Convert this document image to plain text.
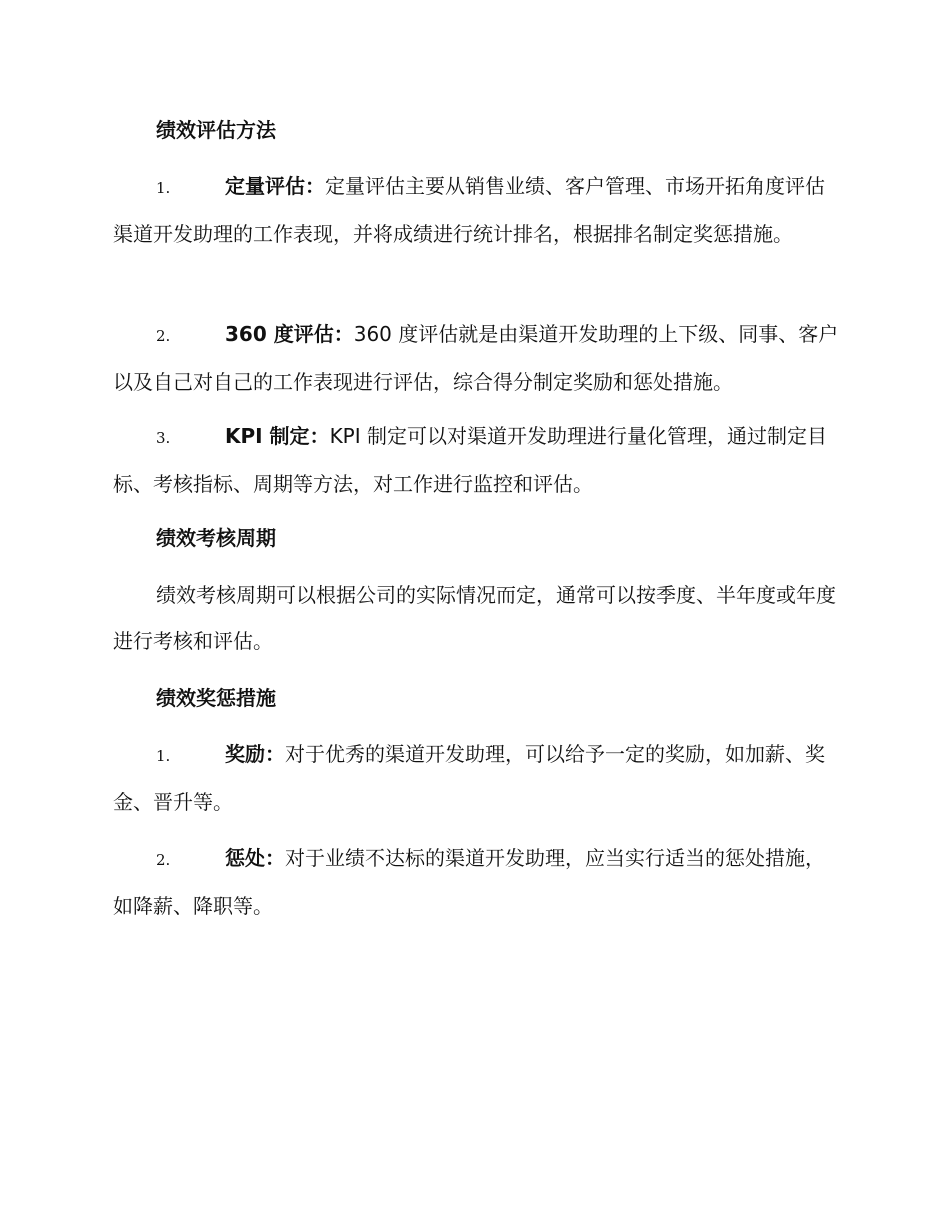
绩效评估方法
1.	定量评估：定量评估主要从销售业绩、客户管理、市场开拓角度评估渠道开发助理的工作表现，并将成绩进行统计排名，根据排名制定奖惩措施。
2.	360 度评估：360 度评估就是由渠道开发助理的上下级、同事、客户以及自己对自己的工作表现进行评估，综合得分制定奖励和惩处措施。
3.	KPI 制定：KPI 制定可以对渠道开发助理进行量化管理，通过制定目标、考核指标、周期等方法，对工作进行监控和评估。
绩效考核周期
绩效考核周期可以根据公司的实际情况而定，通常可以按季度、半年度或年度进行考核和评估。
绩效奖惩措施
1.	奖励：对于优秀的渠道开发助理，可以给予一定的奖励，如加薪、奖金、晋升等。
2.	惩处：对于业绩不达标的渠道开发助理，应当实行适当的惩处措施，如降薪、降职等。
